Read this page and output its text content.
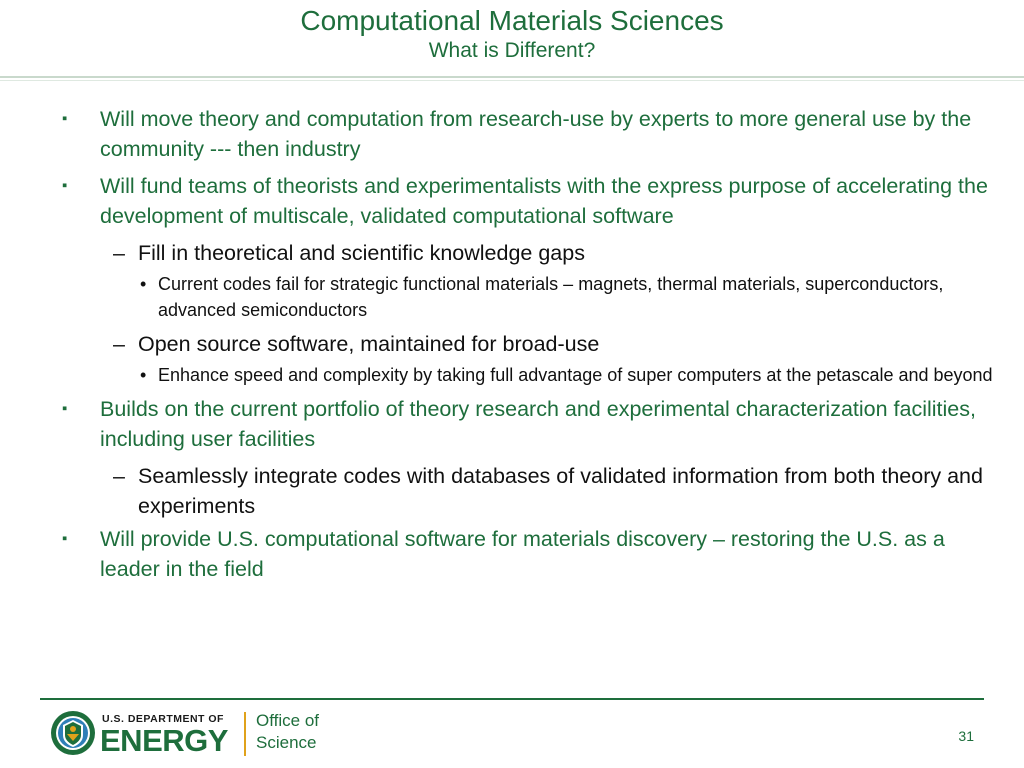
Computational Materials Sciences
What is Different?
▪ Will move theory and computation from research-use by experts to more general use by the community --- then industry
▪ Will fund teams of theorists and experimentalists with the express purpose of accelerating the development of multiscale, validated computational software
– Fill in theoretical and scientific knowledge gaps
• Current codes fail for strategic functional materials – magnets, thermal materials, superconductors, advanced semiconductors
– Open source software, maintained for broad-use
• Enhance speed and complexity by taking full advantage of super computers at the petascale and beyond
▪ Builds on the current portfolio of theory research and experimental characterization facilities, including user facilities
– Seamlessly integrate codes with databases of validated information from both theory and experiments
▪ Will provide U.S. computational software for materials discovery – restoring the U.S. as a leader in the field
U.S. DEPARTMENT OF
ENERGY
Office of
Science	31
